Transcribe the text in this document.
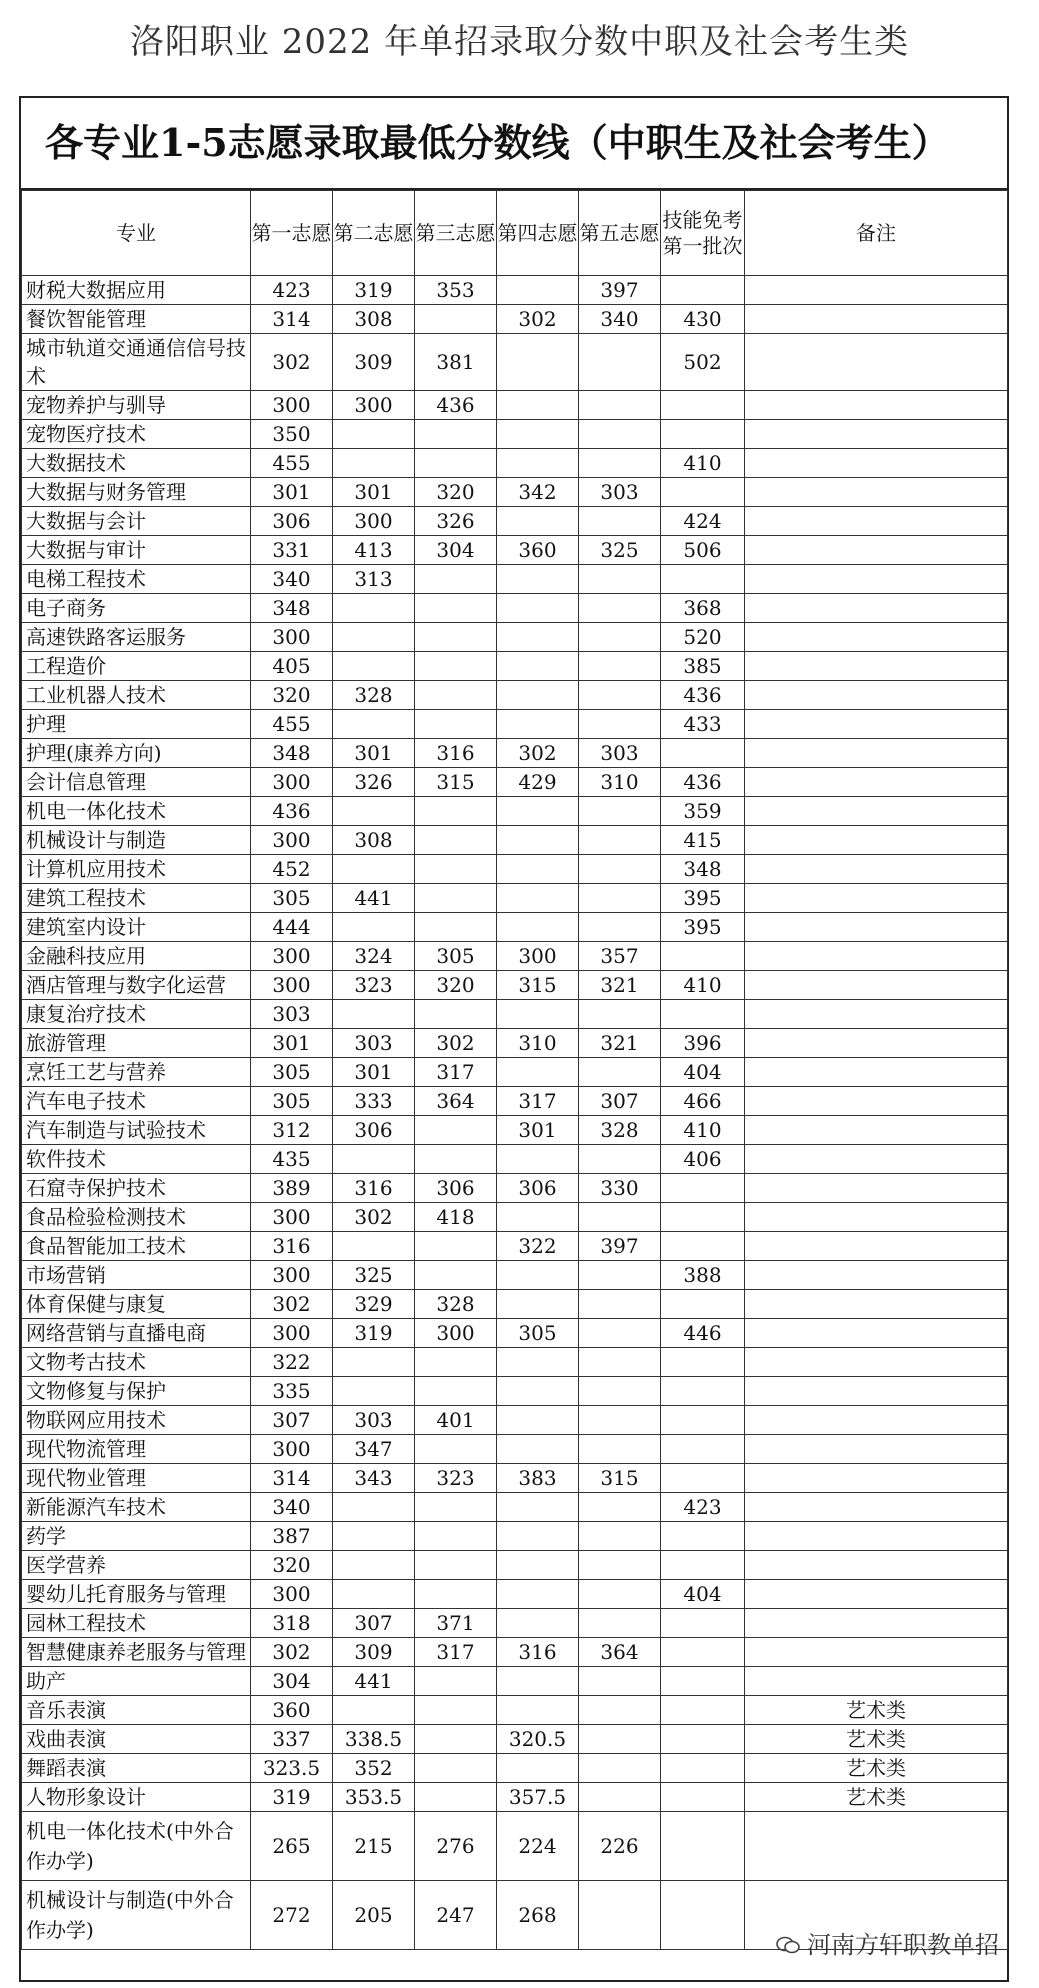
洛阳职业 2022 年单招录取分数中职及社会考生类
各专业1-5志愿录取最低分数线（中职生及社会考生）
专业	第一志愿	第二志愿	第三志愿	第四志愿	第五志愿	技能免考第一批次	备注
财税大数据应用	423	319	353		397		
餐饮智能管理	314	308		302	340	430	
城市轨道交通通信信号技术	302	309	381			502	
宠物养护与驯导	300	300	436				
宠物医疗技术	350						
大数据技术	455					410	
大数据与财务管理	301	301	320	342	303		
大数据与会计	306	300	326			424	
大数据与审计	331	413	304	360	325	506	
电梯工程技术	340	313					
电子商务	348					368	
高速铁路客运服务	300					520	
工程造价	405					385	
工业机器人技术	320	328				436	
护理	455					433	
护理(康养方向)	348	301	316	302	303		
会计信息管理	300	326	315	429	310	436	
机电一体化技术	436					359	
机械设计与制造	300	308				415	
计算机应用技术	452					348	
建筑工程技术	305	441				395	
建筑室内设计	444					395	
金融科技应用	300	324	305	300	357		
酒店管理与数字化运营	300	323	320	315	321	410	
康复治疗技术	303						
旅游管理	301	303	302	310	321	396	
烹饪工艺与营养	305	301	317			404	
汽车电子技术	305	333	364	317	307	466	
汽车制造与试验技术	312	306		301	328	410	
软件技术	435					406	
石窟寺保护技术	389	316	306	306	330		
食品检验检测技术	300	302	418				
食品智能加工技术	316			322	397		
市场营销	300	325				388	
体育保健与康复	302	329	328				
网络营销与直播电商	300	319	300	305		446	
文物考古技术	322						
文物修复与保护	335						
物联网应用技术	307	303	401				
现代物流管理	300	347					
现代物业管理	314	343	323	383	315		
新能源汽车技术	340					423	
药学	387						
医学营养	320						
婴幼儿托育服务与管理	300					404	
园林工程技术	318	307	371				
智慧健康养老服务与管理	302	309	317	316	364		
助产	304	441					
音乐表演	360						艺术类
戏曲表演	337	338.5		320.5			艺术类
舞蹈表演	323.5	352					艺术类
人物形象设计	319	353.5		357.5			艺术类
机电一体化技术(中外合作办学)	265	215	276	224	226		
机械设计与制造(中外合作办学)	272	205	247	268			
河南方轩职教单招
